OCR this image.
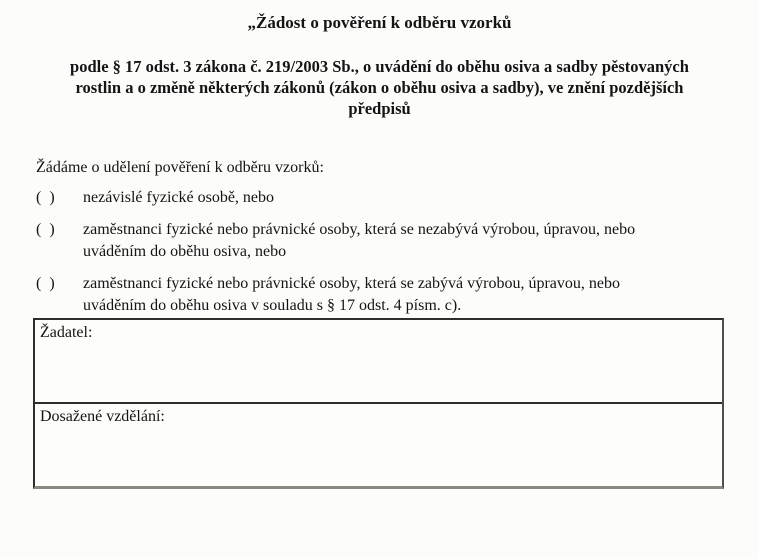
„Žádost o pověření k odběru vzorků
podle § 17 odst. 3 zákona č. 219/2003 Sb., o uvádění do oběhu osiva a sadby pěstovaných
rostlin a o změně některých zákonů (zákon o oběhu osiva a sadby), ve znění pozdějších
předpisů

Žádáme o udělení pověření k odběru vzorků:

(  )	nezávislé fyzické osobě, nebo
(  )	zaměstnanci fyzické nebo právnické osoby, která se nezabývá výrobou, úpravou, nebo
uváděním do oběhu osiva, nebo
(  )	zaměstnanci fyzické nebo právnické osoby, která se zabývá výrobou, úpravou, nebo
uváděním do oběhu osiva v souladu s § 17 odst. 4 písm. c).
Žadatel:
Dosažené vzdělání:
